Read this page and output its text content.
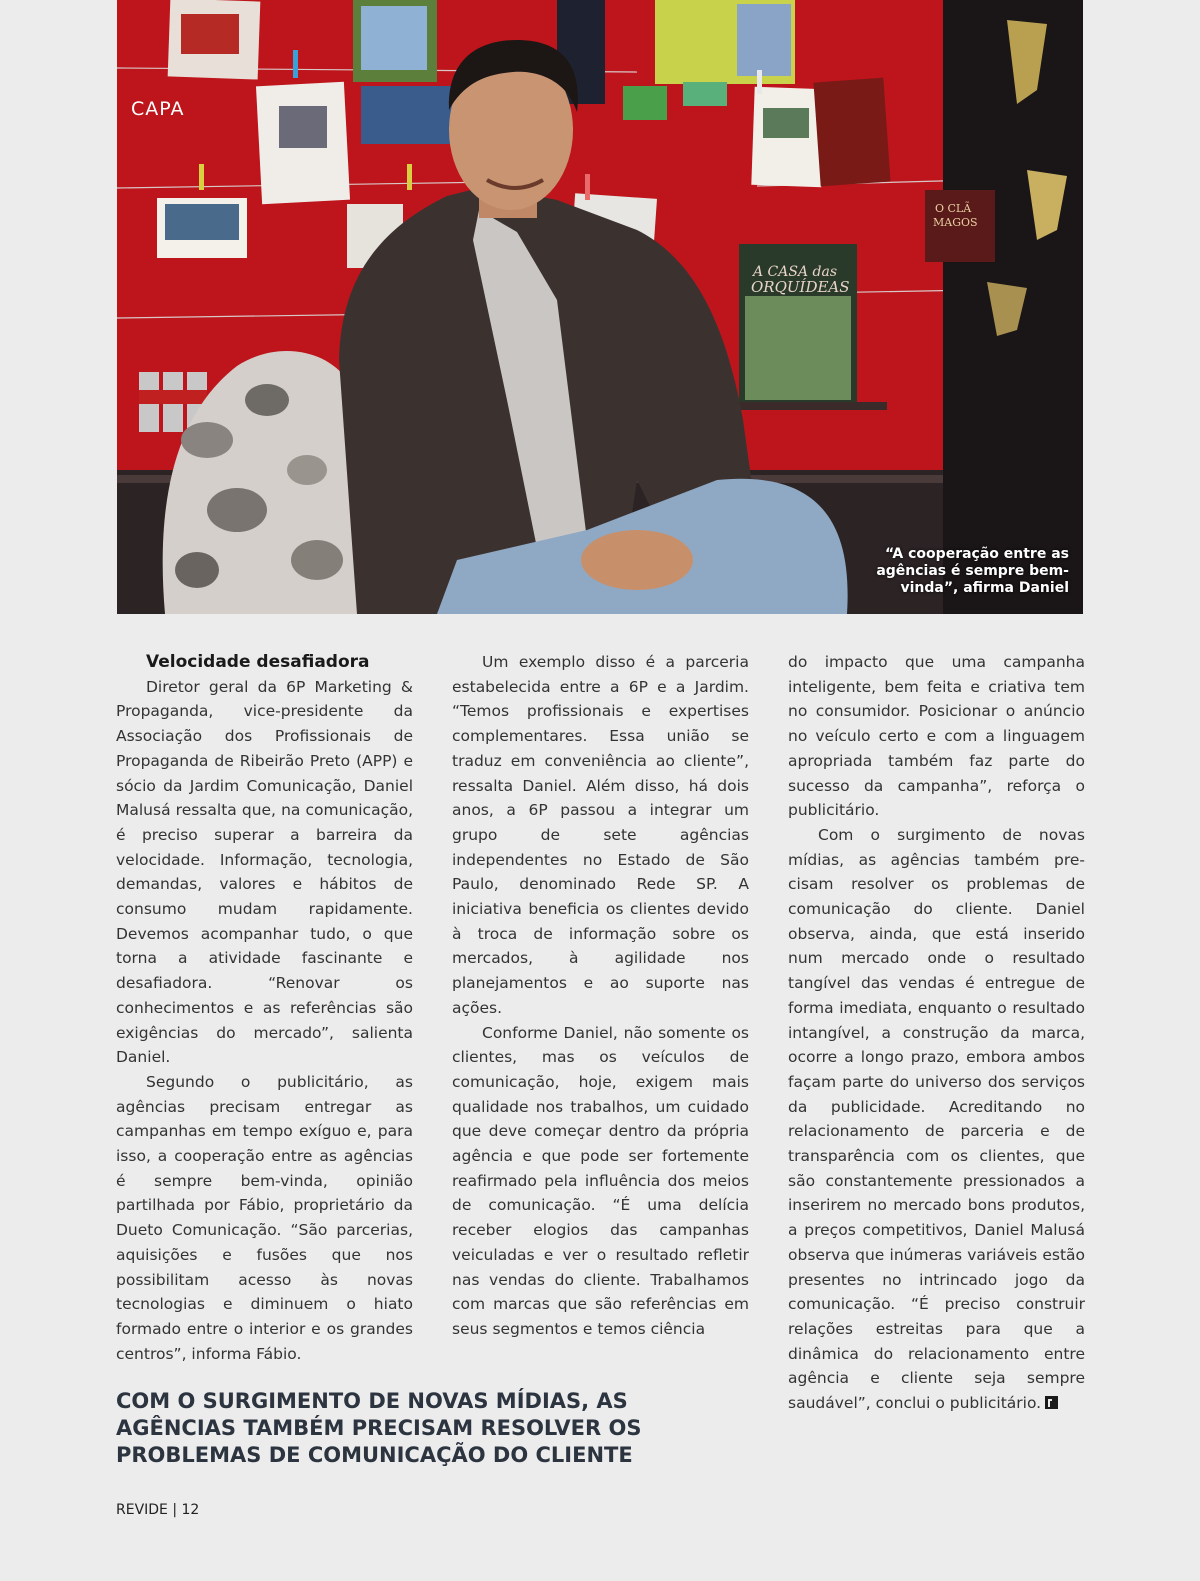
A CASA das
ORQUÍDEAS
O CLÃ
MAGOS
CAPA
“A cooperação entre as agências é sempre bem-vinda”, afirma Daniel

Velocidade desafiadora

Diretor geral da 6P Marketing & Propaganda, vice-presidente da Associação dos Profissionais de Propaganda de Ribeirão Preto (APP) e sócio da Jardim Comunicação, Daniel Malusá ressalta que, na comunicação, é preciso superar a barreira da velocidade. Informação, tecnologia, demandas, valores e hábitos de consumo mudam rapidamente. Devemos acompanhar tudo, o que torna a atividade fascinante e desafiadora. “Renovar os conhecimentos e as referências são exigências do mercado”, salienta Daniel.

Segundo o publicitário, as agências precisam entregar as campanhas em tempo exíguo e, para isso, a cooperação entre as agências é sempre bem-vinda, opinião partilhada por Fábio, proprietário da Dueto Comunicação. “São parcerias, aquisições e fusões que nos possibilitam acesso às novas tecnologias e diminuem o hiato formado entre o interior e os grandes centros”, informa Fábio.

Um exemplo disso é a parceria estabelecida entre a 6P e a Jardim. “Temos profissionais e expertises complementares. Essa união se traduz em conveniência ao cliente”, ressalta Daniel. Além disso, há dois anos, a 6P passou a integrar um grupo de sete agências independentes no Estado de São Paulo, denominado Rede SP. A iniciativa beneficia os clientes devido à troca de informação sobre os mercados, à agilidade nos planejamentos e ao suporte nas ações.

Conforme Daniel, não somente os clientes, mas os veículos de comunicação, hoje, exigem mais qualidade nos trabalhos, um cuidado que deve começar dentro da própria agência e que pode ser fortemente reafirmado pela influência dos meios de comunicação. “É uma delícia receber elogios das campanhas veiculadas e ver o resultado refletir nas vendas do cliente. Trabalhamos com marcas que são referências em seus segmentos e temos ciência

do impacto que uma campanha inteligente, bem feita e criativa tem no consumidor. Posicionar o anúncio no veículo certo e com a linguagem apropriada também faz parte do sucesso da campanha”, reforça o publicitário.

Com o surgimento de novas mídias, as agências também precisam resolver os problemas de comunicação do cliente. Daniel observa, ainda, que está inserido num mercado onde o resultado tangível das vendas é entregue de forma imediata, enquanto o resultado intangível, a construção da marca, ocorre a longo prazo, embora ambos façam parte do universo dos serviços da publicidade. Acreditando no relacionamento de parceria e de transparência com os clientes, que são constantemente pressionados a inserirem no mercado bons produtos, a preços competitivos, Daniel Malusá observa que inúmeras variáveis estão presentes no intrincado jogo da comunicação. “É preciso construir relações estreitas para que a dinâmica do relacionamento entre agência e cliente seja sempre saudável”, conclui o publicitário.

COM O SURGIMENTO DE NOVAS MÍDIAS, AS
AGÊNCIAS TAMBÉM PRECISAM RESOLVER OS
PROBLEMAS DE COMUNICAÇÃO DO CLIENTE
REVIDE | 12
